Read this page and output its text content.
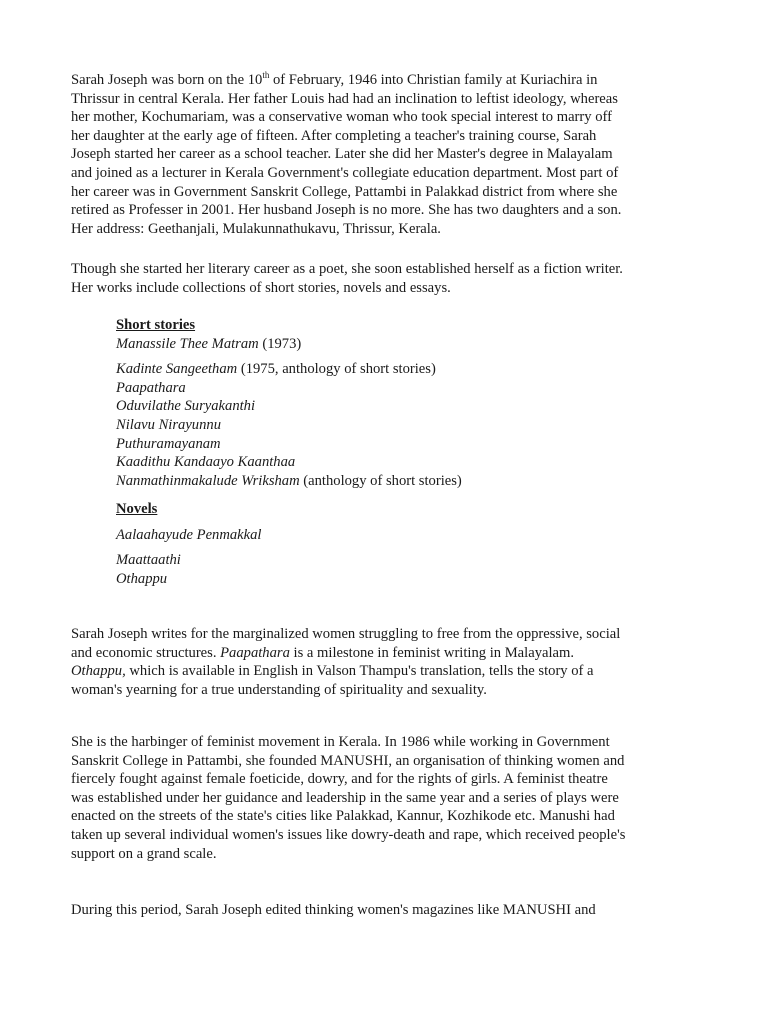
Sarah Joseph was born on the 10th of February, 1946 into Christian family at Kuriachira in
Thrissur in central Kerala. Her father Louis had had an inclination to leftist ideology, whereas
her mother, Kochumariam, was a conservative woman who took special interest to marry off
her daughter at the early age of fifteen. After completing a teacher's training course, Sarah
Joseph started her career as a school teacher. Later she did her Master's degree in Malayalam
and joined as a lecturer in Kerala Government's collegiate education department. Most part of
her career was in Government Sanskrit College, Pattambi in Palakkad district from where she
retired as Professer in 2001. Her husband Joseph is no more. She has two daughters and a son.
Her address: Geethanjali, Mulakunnathukavu, Thrissur, Kerala.

Though she started her literary career as a poet, she soon established herself as a fiction writer.
Her works include collections of short stories, novels and essays.

Short stories
Manassile Thee Matram (1973)
Kadinte Sangeetham (1975, anthology of short stories)
Paapathara
Oduvilathe Suryakanthi
Nilavu Nirayunnu
Puthuramayanam
Kaadithu Kandaayo Kaanthaa
Nanmathinmakalude Wriksham (anthology of short stories)
Novels
Aalaahayude Penmakkal
Maattaathi
Othappu

Sarah Joseph writes for the marginalized women struggling to free from the oppressive, social
and economic structures. Paapathara is a milestone in feminist writing in Malayalam.
Othappu, which is available in English in Valson Thampu's translation, tells the story of a
woman's yearning for a true understanding of spirituality and sexuality.

She is the harbinger of feminist movement in Kerala. In 1986 while working in Government
Sanskrit College in Pattambi, she founded MANUSHI, an organisation of thinking women and
fiercely fought against female foeticide, dowry, and for the rights of girls. A feminist theatre
was established under her guidance and leadership in the same year and a series of plays were
enacted on the streets of the state's cities like Palakkad, Kannur, Kozhikode etc. Manushi had
taken up several individual women's issues like dowry-death and rape, which received people's
support on a grand scale.

During this period, Sarah Joseph edited thinking women's magazines like MANUSHI and
